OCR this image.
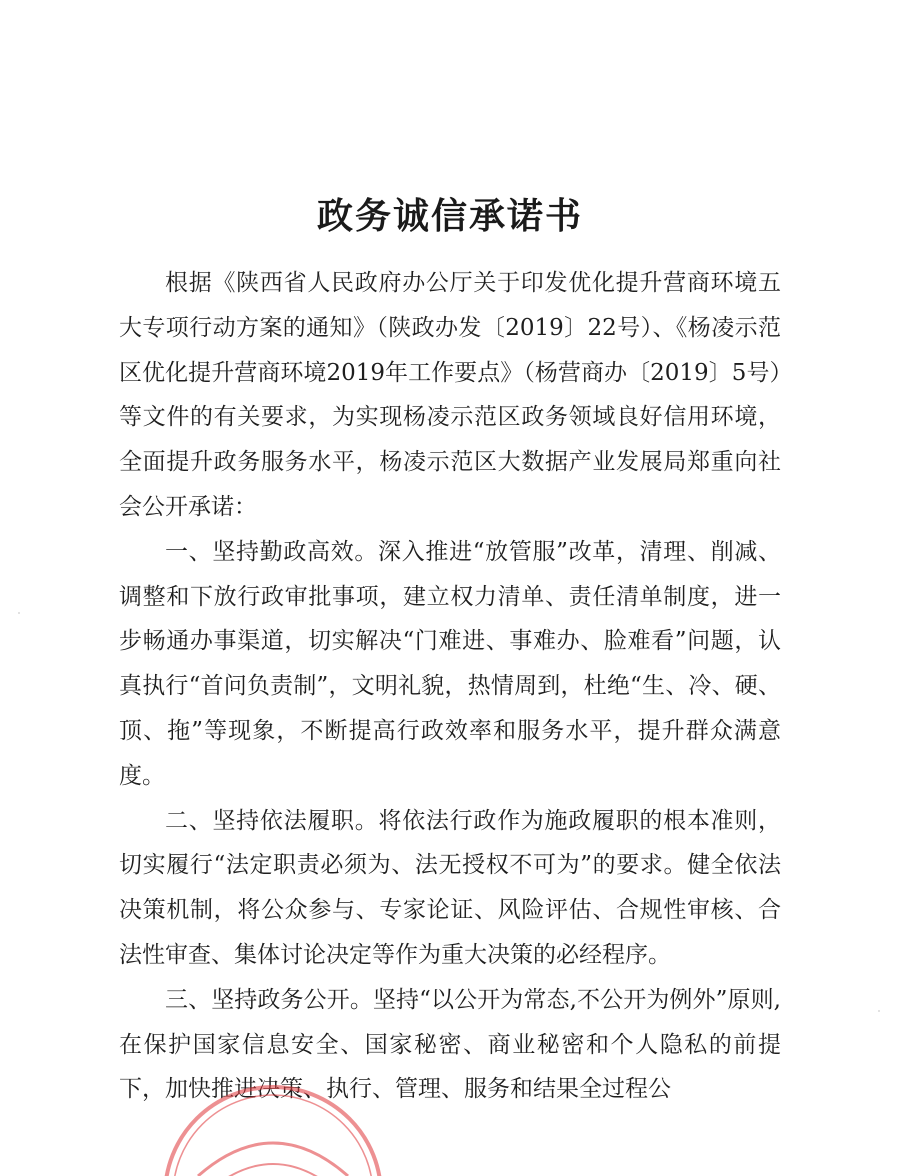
政务诚信承诺书

根据《陕西省人民政府办公厅关于印发优化提升营商环境五大专项行动方案的通知》（陕政办发〔2019〕22号）、《杨凌示范区优化提升营商环境2019年工作要点》（杨营商办〔2019〕5号）等文件的有关要求，为实现杨凌示范区政务领域良好信用环境，全面提升政务服务水平，杨凌示范区大数据产业发展局郑重向社会公开承诺：

一、坚持勤政高效。深入推进“放管服”改革，清理、削减、调整和下放行政审批事项，建立权力清单、责任清单制度，进一步畅通办事渠道，切实解决“门难进、事难办、脸难看”问题，认真执行“首问负责制”，文明礼貌，热情周到，杜绝“生、冷、硬、顶、拖”等现象，不断提高行政效率和服务水平，提升群众满意度。

二、坚持依法履职。将依法行政作为施政履职的根本准则，切实履行“法定职责必须为、法无授权不可为”的要求。健全依法决策机制，将公众参与、专家论证、风险评估、合规性审核、合法性审查、集体讨论决定等作为重大决策的必经程序。

三、坚持政务公开。坚持“以公开为常态,不公开为例外”原则,在保护国家信息安全、国家秘密、商业秘密和个人隐私的前提下，加快推进决策、执行、管理、服务和结果全过程公
